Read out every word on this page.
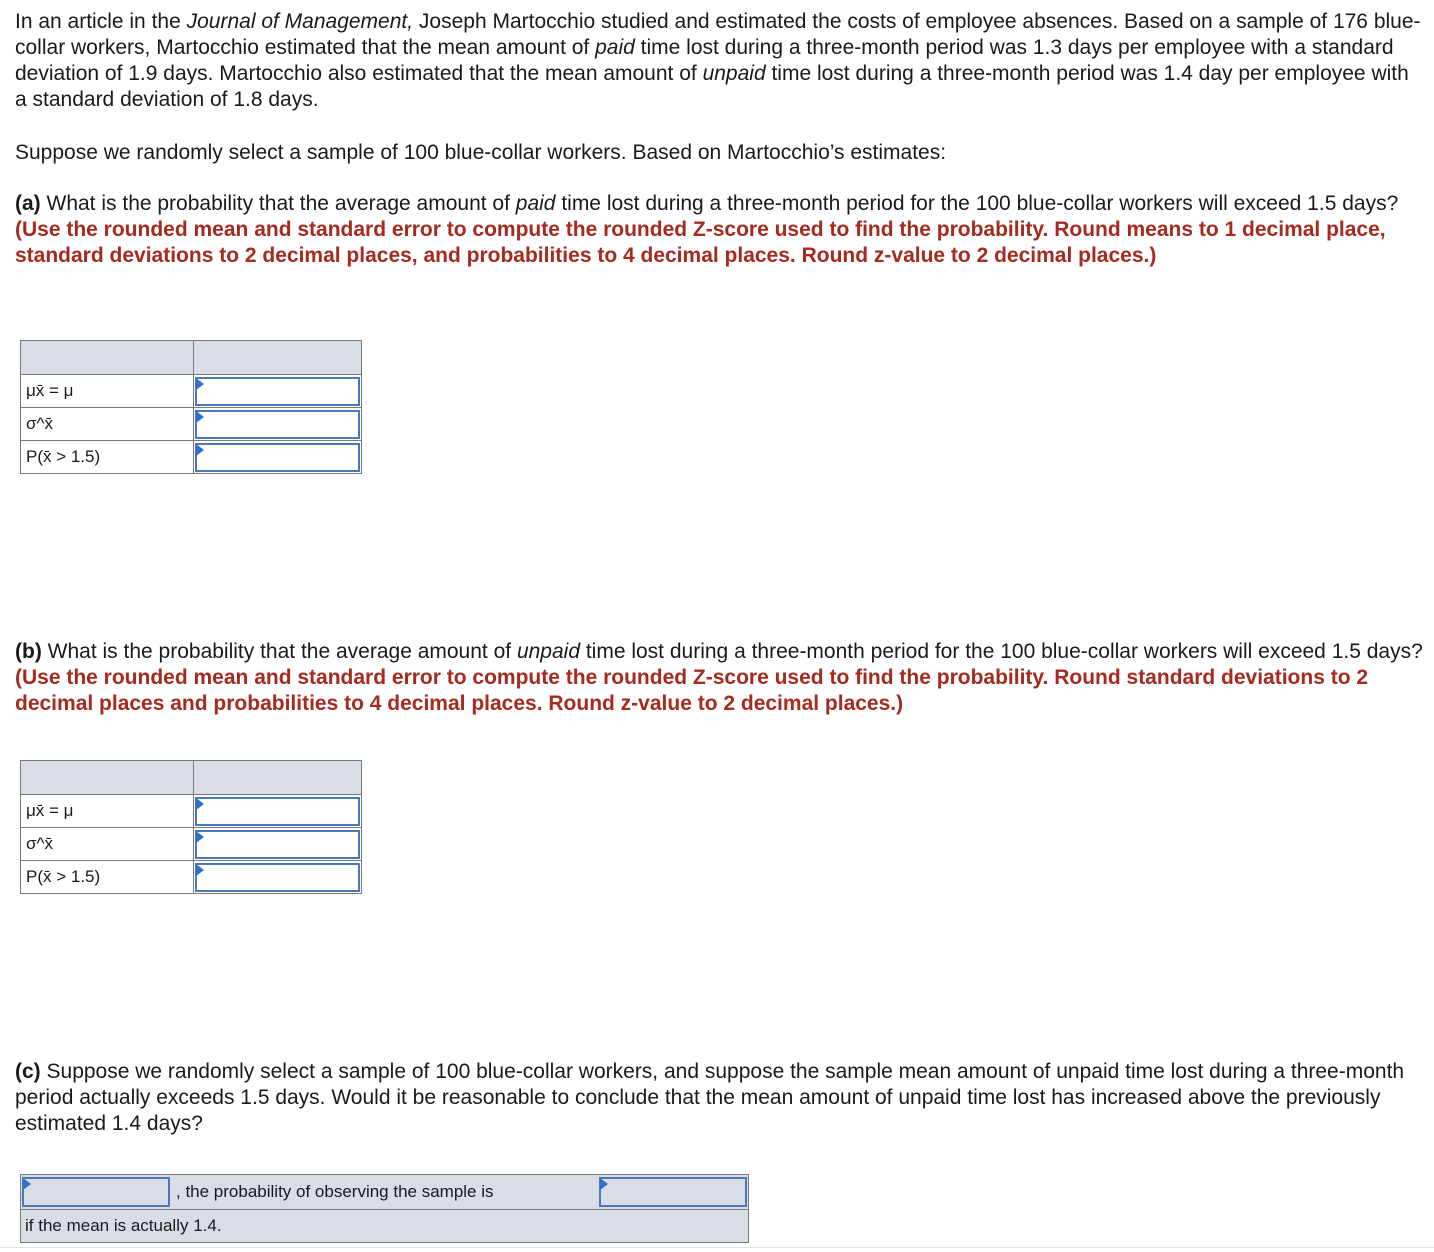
In an article in the Journal of Management, Joseph Martocchio studied and estimated the costs of employee absences. Based on a sample of 176 blue-collar workers, Martocchio estimated that the mean amount of paid time lost during a three-month period was 1.3 days per employee with a standard deviation of 1.9 days. Martocchio also estimated that the mean amount of unpaid time lost during a three-month period was 1.4 day per employee with a standard deviation of 1.8 days.

Suppose we randomly select a sample of 100 blue-collar workers. Based on Martocchio’s estimates:

(a) What is the probability that the average amount of paid time lost during a three-month period for the 100 blue-collar workers will exceed 1.5 days? (Use the rounded mean and standard error to compute the rounded Z-score used to find the probability. Round means to 1 decimal place, standard deviations to 2 decimal places, and probabilities to 4 decimal places. Round z-value to 2 decimal places.)

μx̄ = μ	

σ^x̄	

P(x̄ > 1.5)	

(b) What is the probability that the average amount of unpaid time lost during a three-month period for the 100 blue-collar workers will exceed 1.5 days? (Use the rounded mean and standard error to compute the rounded Z-score used to find the probability. Round standard deviations to 2 decimal places and probabilities to 4 decimal places. Round z-value to 2 decimal places.)

μx̄ = μ	

σ^x̄	

P(x̄ > 1.5)	

(c) Suppose we randomly select a sample of 100 blue-collar workers, and suppose the sample mean amount of unpaid time lost during a three-month period actually exceeds 1.5 days. Would it be reasonable to conclude that the mean amount of unpaid time lost has increased above the previously estimated 1.4 days?

, the probability of observing the sample is
if the mean is actually 1.4.
